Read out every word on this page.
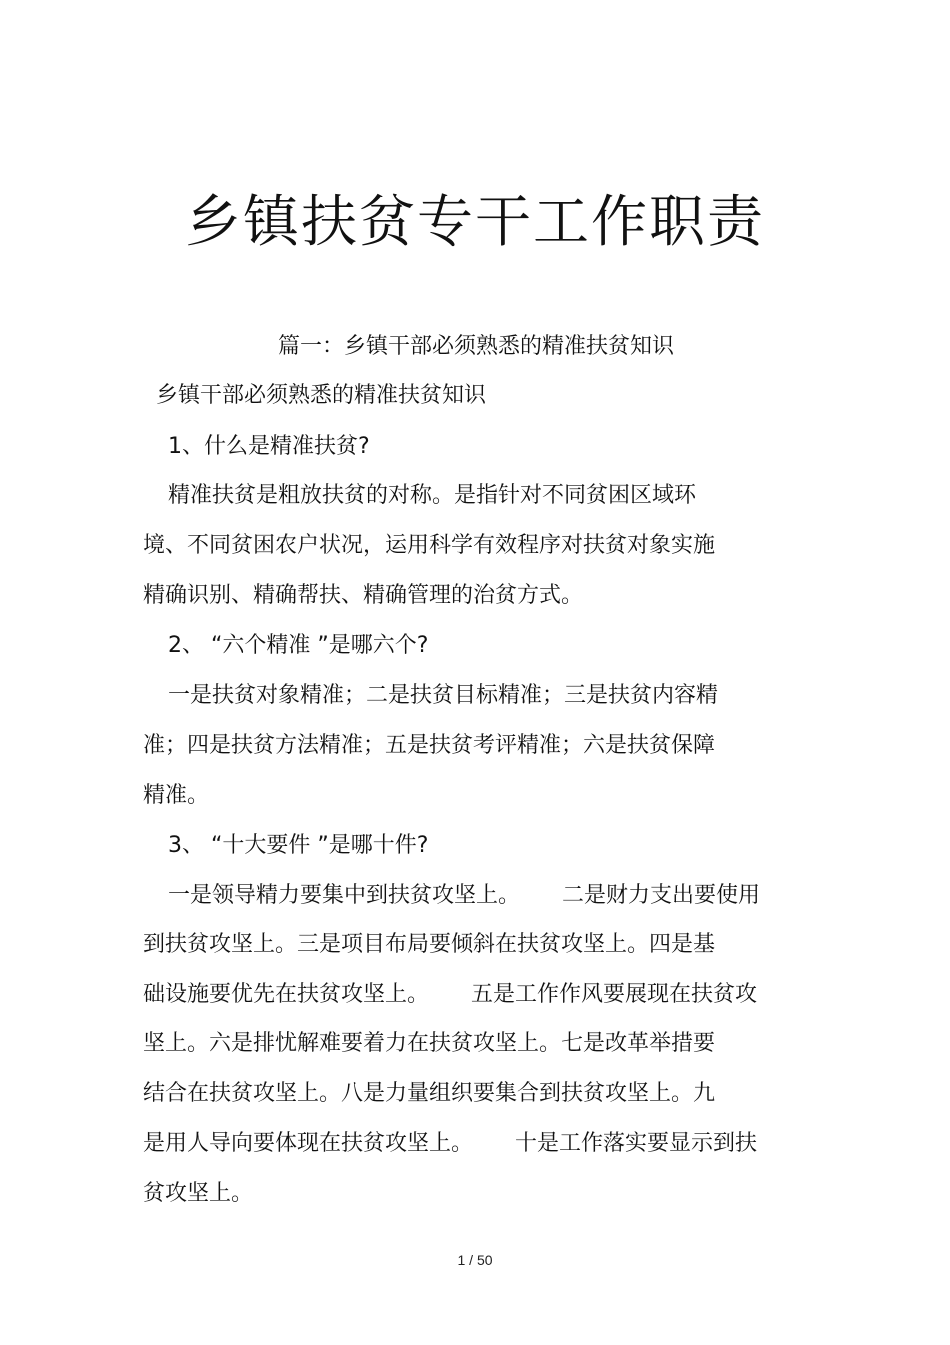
乡镇扶贫专干工作职责

篇一：乡镇干部必须熟悉的精准扶贫知识

乡镇干部必须熟悉的精准扶贫知识

1、什么是精准扶贫?

精准扶贫是粗放扶贫的对称。是指针对不同贫困区域环

境、不同贫困农户状况，运用科学有效程序对扶贫对象实施

精确识别、精确帮扶、精确管理的治贫方式。

2、 “六个精准 ”是哪六个?

一是扶贫对象精准；二是扶贫目标精准；三是扶贫内容精

准；四是扶贫方法精准；五是扶贫考评精准；六是扶贫保障

精准。

3、 “十大要件 ”是哪十件?

一是领导精力要集中到扶贫攻坚上。      二是财力支出要使用

到扶贫攻坚上。三是项目布局要倾斜在扶贫攻坚上。四是基

础设施要优先在扶贫攻坚上。      五是工作作风要展现在扶贫攻

坚上。六是排忧解难要着力在扶贫攻坚上。七是改革举措要

结合在扶贫攻坚上。八是力量组织要集合到扶贫攻坚上。九

是用人导向要体现在扶贫攻坚上。      十是工作落实要显示到扶

贫攻坚上。

1 / 50
